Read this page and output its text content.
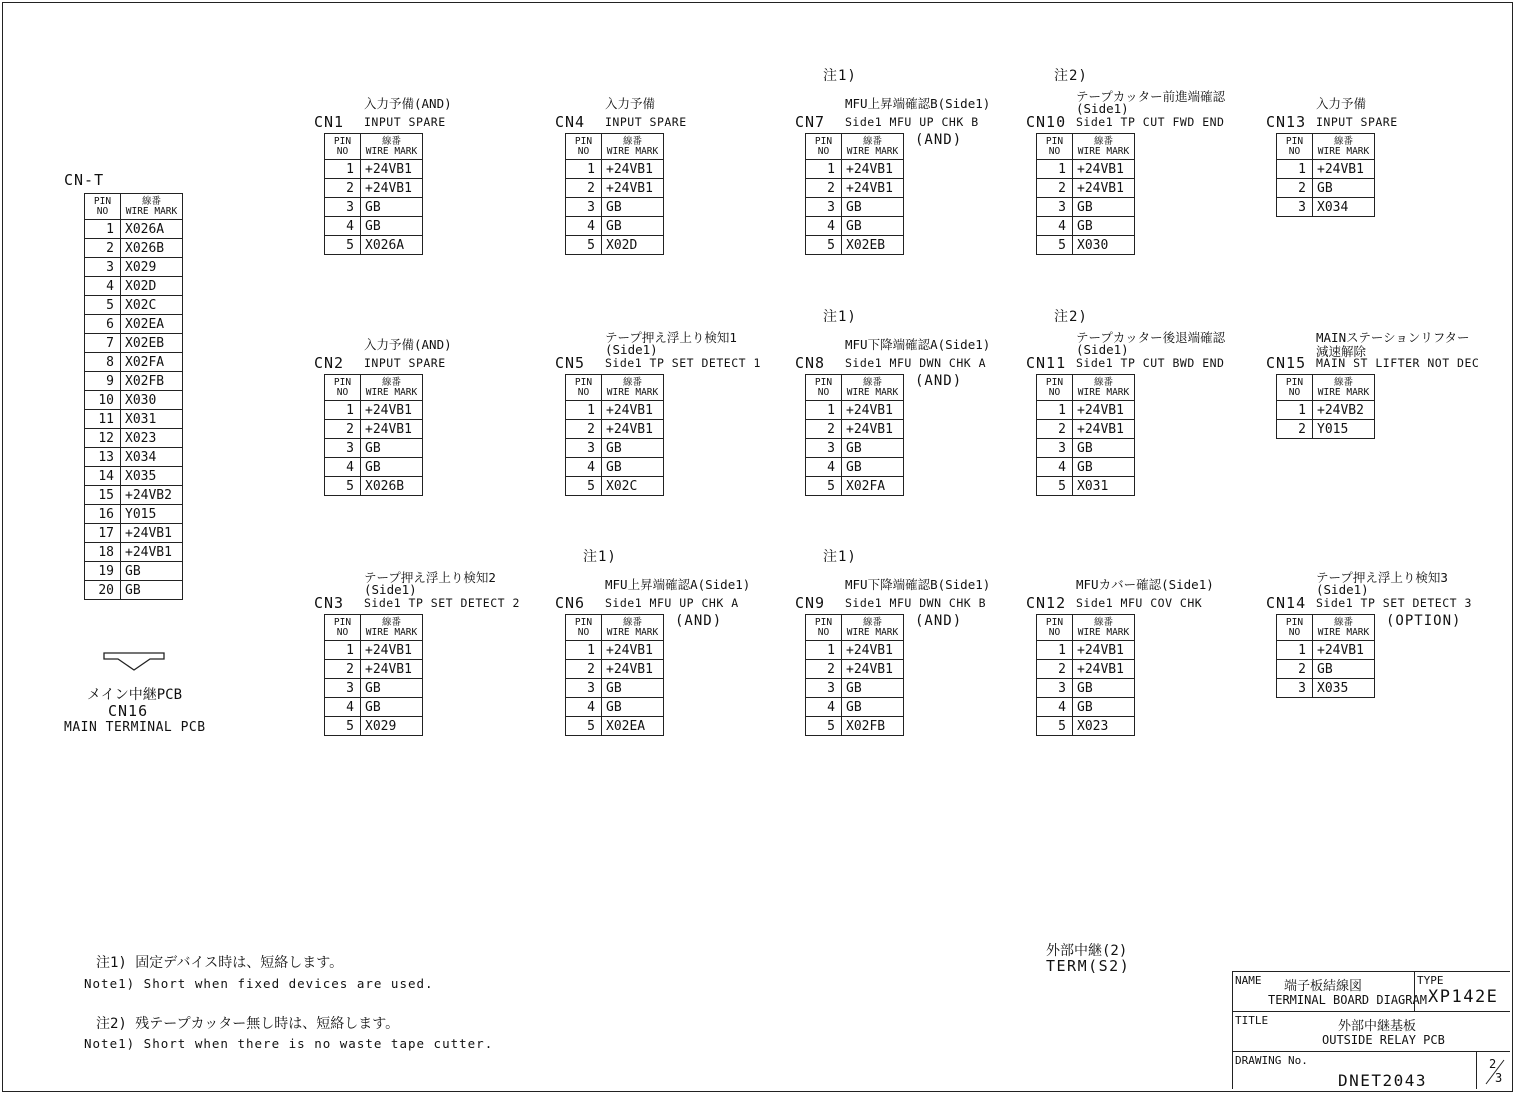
CN-T
PIN
NO	線番
WIRE MARK
1	X026A
2	X026B
3	X029
4	X02D
5	X02C
6	X02EA
7	X02EB
8	X02FA
9	X02FB
10	X030
11	X031
12	X023
13	X034
14	X035
15	+24VB2
16	Y015
17	+24VB1
18	+24VB1
19	GB
20	GB
メイン中継PCB
CN16
MAIN TERMINAL PCB
入力予備(AND)
CN1 INPUT SPARE
PIN
NO	線番
WIRE MARK
1	+24VB1
2	+24VB1
3	GB
4	GB
5	X026A
入力予備
CN4 INPUT SPARE
PIN
NO	線番
WIRE MARK
1	+24VB1
2	+24VB1
3	GB
4	GB
5	X02D
注1)
MFU上昇端確認B(Side1)
CN7 Side1 MFU UP CHK B
PIN
NO	線番
WIRE MARK
1	+24VB1
2	+24VB1
3	GB
4	GB
5	X02EB
(AND)
注2)
テープカッター前進端確認
(Side1)
CN10 Side1 TP CUT FWD END
PIN
NO	線番
WIRE MARK
1	+24VB1
2	+24VB1
3	GB
4	GB
5	X030
入力予備
CN13 INPUT SPARE
PIN
NO	線番
WIRE MARK
1	+24VB1
2	GB
3	X034
入力予備(AND)
CN2 INPUT SPARE
PIN
NO	線番
WIRE MARK
1	+24VB1
2	+24VB1
3	GB
4	GB
5	X026B
テープ押え浮上り検知1
(Side1)
CN5 Side1 TP SET DETECT 1
PIN
NO	線番
WIRE MARK
1	+24VB1
2	+24VB1
3	GB
4	GB
5	X02C
注1)
MFU下降端確認A(Side1)
CN8 Side1 MFU DWN CHK A
PIN
NO	線番
WIRE MARK
1	+24VB1
2	+24VB1
3	GB
4	GB
5	X02FA
(AND)
注2)
テープカッター後退端確認
(Side1)
CN11 Side1 TP CUT BWD END
PIN
NO	線番
WIRE MARK
1	+24VB1
2	+24VB1
3	GB
4	GB
5	X031
MAINステーションリフター
減速解除
CN15 MAIN ST LIFTER NOT DEC
PIN
NO	線番
WIRE MARK
1	+24VB2
2	Y015
テープ押え浮上り検知2
(Side1)
CN3 Side1 TP SET DETECT 2
PIN
NO	線番
WIRE MARK
1	+24VB1
2	+24VB1
3	GB
4	GB
5	X029
注1)
MFU上昇端確認A(Side1)
CN6 Side1 MFU UP CHK A
PIN
NO	線番
WIRE MARK
1	+24VB1
2	+24VB1
3	GB
4	GB
5	X02EA
(AND)
注1)
MFU下降端確認B(Side1)
CN9 Side1 MFU DWN CHK B
PIN
NO	線番
WIRE MARK
1	+24VB1
2	+24VB1
3	GB
4	GB
5	X02FB
(AND)
MFUカバー確認(Side1)
CN12 Side1 MFU COV CHK
PIN
NO	線番
WIRE MARK
1	+24VB1
2	+24VB1
3	GB
4	GB
5	X023
テープ押え浮上り検知3
(Side1)
CN14 Side1 TP SET DETECT 3
PIN
NO	線番
WIRE MARK
1	+24VB1
2	GB
3	X035
(OPTION)
注1) 固定デバイス時は、短絡します。
Note1) Short when fixed devices are used.
注2) 残テープカッター無し時は、短絡します。
Note1) Short when there is no waste tape cutter.
外部中継(2)
TERM(S2)
NAME 端子板結線図
TERMINAL BOARD DIAGRAM
TYPE
XP142E
TITLE	外部中継基板
OUTSIDE RELAY PCB
DRAWING No.
DNET2043
2
3
